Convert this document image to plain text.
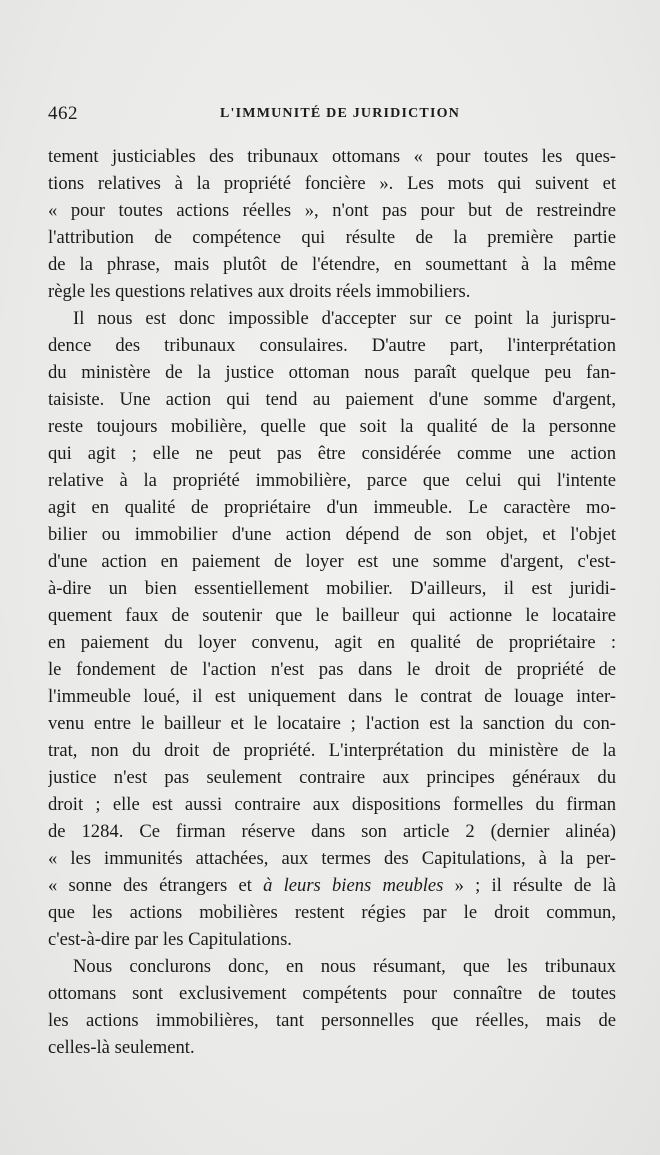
462	L'IMMUNITÉ DE JURIDICTION
tement justiciables des tribunaux ottomans « pour toutes les ques-
tions relatives à la propriété foncière ». Les mots qui suivent et
« pour toutes actions réelles », n'ont pas pour but de restreindre
l'attribution de compétence qui résulte de la première partie
de la phrase, mais plutôt de l'étendre, en soumettant à la même
règle les questions relatives aux droits réels immobiliers.
Il nous est donc impossible d'accepter sur ce point la jurispru-
dence des tribunaux consulaires. D'autre part, l'interprétation
du ministère de la justice ottoman nous paraît quelque peu fan-
taisiste. Une action qui tend au paiement d'une somme d'argent,
reste toujours mobilière, quelle que soit la qualité de la personne
qui agit ; elle ne peut pas être considérée comme une action
relative à la propriété immobilière, parce que celui qui l'intente
agit en qualité de propriétaire d'un immeuble. Le caractère mo-
bilier ou immobilier d'une action dépend de son objet, et l'objet
d'une action en paiement de loyer est une somme d'argent, c'est-
à-dire un bien essentiellement mobilier. D'ailleurs, il est juridi-
quement faux de soutenir que le bailleur qui actionne le locataire
en paiement du loyer convenu, agit en qualité de propriétaire :
le fondement de l'action n'est pas dans le droit de propriété de
l'immeuble loué, il est uniquement dans le contrat de louage inter-
venu entre le bailleur et le locataire ; l'action est la sanction du con-
trat, non du droit de propriété. L'interprétation du ministère de la
justice n'est pas seulement contraire aux principes généraux du
droit ; elle est aussi contraire aux dispositions formelles du firman
de 1284. Ce firman réserve dans son article 2 (dernier alinéa)
« les immunités attachées, aux termes des Capitulations, à la per-
« sonne des étrangers et à leurs biens meubles » ; il résulte de là
que les actions mobilières restent régies par le droit commun,
c'est-à-dire par les Capitulations.
Nous conclurons donc, en nous résumant, que les tribunaux
ottomans sont exclusivement compétents pour connaître de toutes
les actions immobilières, tant personnelles que réelles, mais de
celles-là seulement.
